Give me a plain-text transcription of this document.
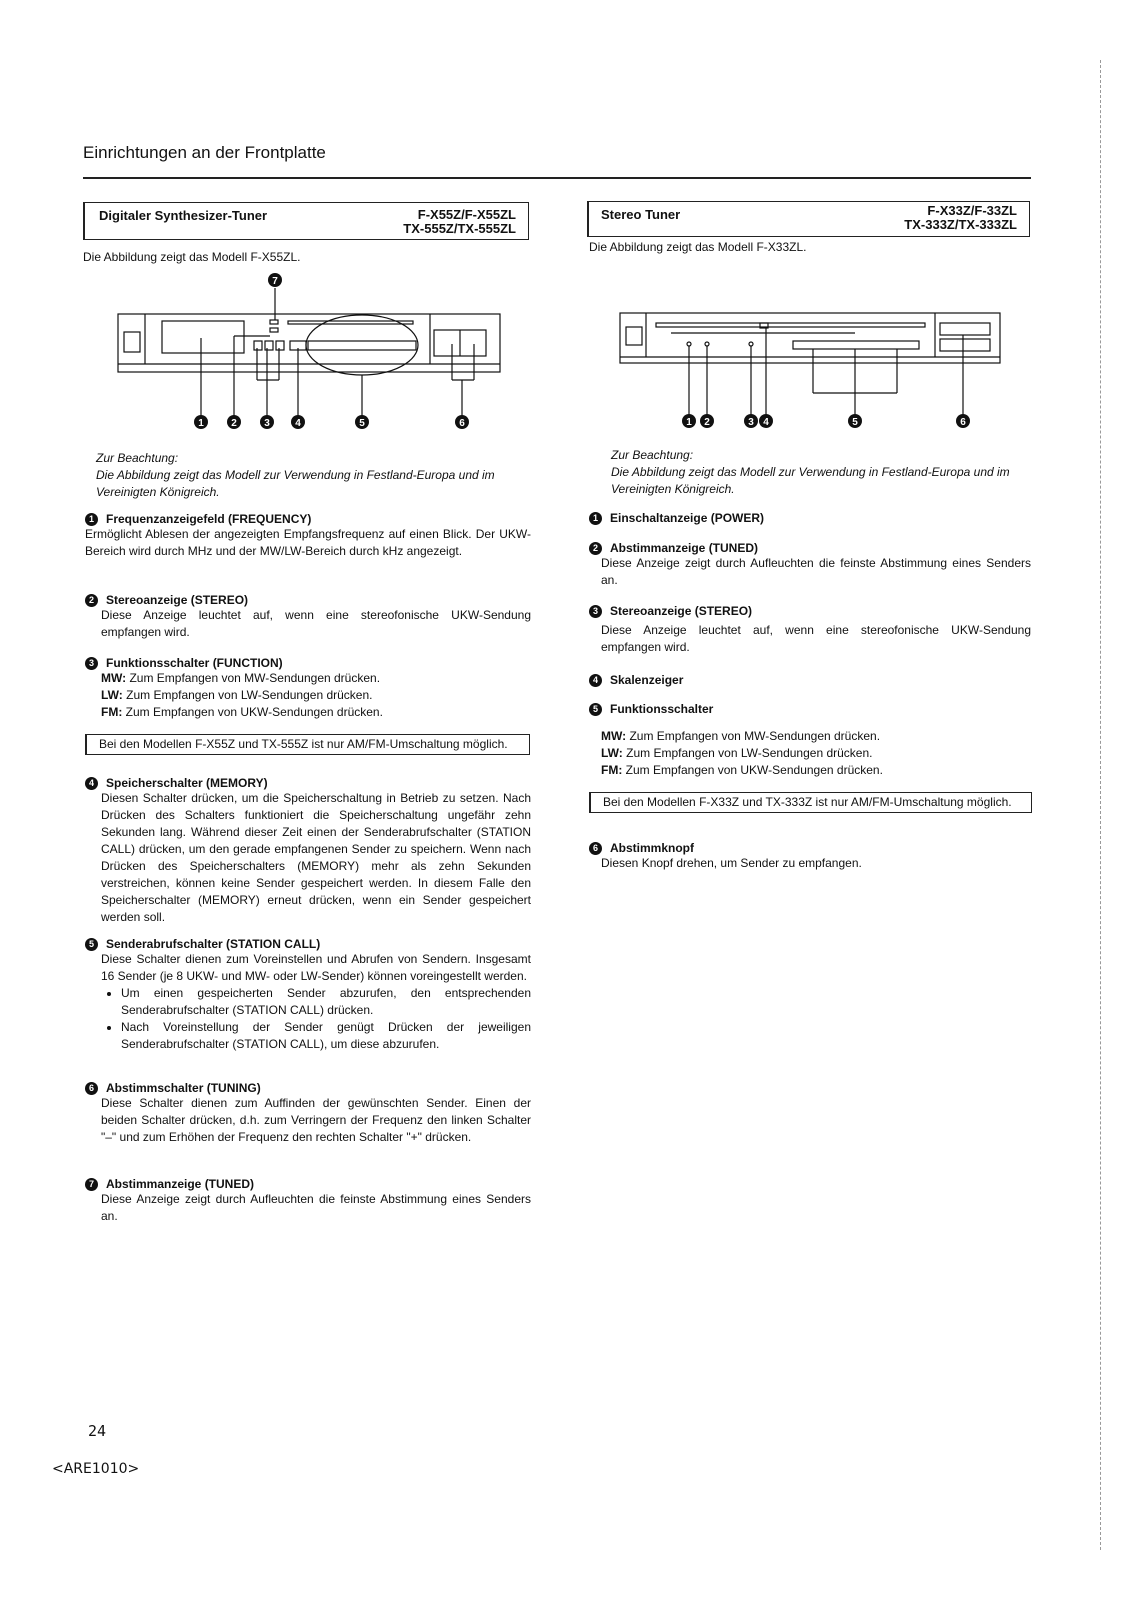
Einrichtungen an der Frontplatte
Digitaler Synthesizer-Tuner	F-X55Z/F-X55ZL
TX-555Z/TX-555ZL
Die Abbildung zeigt das Modell F-X55ZL.
1	2	3	4	5	6
7
Zur Beachtung:
Die Abbildung zeigt das Modell zur Verwendung in Festland-Europa und im Vereinigten Königreich.
1	Frequenzanzeigefeld (FREQUENCY)
Ermöglicht Ablesen der angezeigten Empfangsfrequenz auf einen Blick. Der UKW-Bereich wird durch MHz und der MW/LW-Bereich durch kHz angezeigt.
2	Stereoanzeige (STEREO)
Diese Anzeige leuchtet auf, wenn eine stereofonische UKW-Sendung empfangen wird.
3	Funktionsschalter (FUNCTION)
MW: Zum Empfangen von MW-Sendungen drücken.
LW: Zum Empfangen von LW-Sendungen drücken.
FM: Zum Empfangen von UKW-Sendungen drücken.
Bei den Modellen F-X55Z und TX-555Z ist nur AM/FM-Umschaltung möglich.
4	Speicherschalter (MEMORY)
Diesen Schalter drücken, um die Speicherschaltung in Betrieb zu setzen. Nach Drücken des Schalters funktioniert die Speicherschaltung ungefähr zehn Sekunden lang. Während dieser Zeit einen der Senderabrufschalter (STATION CALL) drücken, um den gerade empfangenen Sender zu speichern. Wenn nach Drücken des Speicherschalters (MEMORY) mehr als zehn Sekunden verstreichen, können keine Sender gespeichert werden. In diesem Falle den Speicherschalter (MEMORY) erneut drücken, wenn ein Sender gespeichert werden soll.
5	Senderabrufschalter (STATION CALL)
Diese Schalter dienen zum Voreinstellen und Abrufen von Sendern. Insgesamt 16 Sender (je 8 UKW- und MW- oder LW-Sender) können voreingestellt werden.
• Um einen gespeicherten Sender abzurufen, den entsprechenden Senderabrufschalter (STATION CALL) drücken.
• Nach Voreinstellung der Sender genügt Drücken der jeweiligen Senderabrufschalter (STATION CALL), um diese abzurufen.
6	Abstimmschalter (TUNING)
Diese Schalter dienen zum Auffinden der gewünschten Sender. Einen der beiden Schalter drücken, d.h. zum Verringern der Frequenz den linken Schalter "–" und zum Erhöhen der Frequenz den rechten Schalter "+" drücken.
7	Abstimmanzeige (TUNED)
Diese Anzeige zeigt durch Aufleuchten die feinste Abstimmung eines Senders an.
Stereo Tuner	F-X33Z/F-33ZL
TX-333Z/TX-333ZL
Die Abbildung zeigt das Modell F-X33ZL.
1 2	3 4	5	6
Zur Beachtung:
Die Abbildung zeigt das Modell zur Verwendung in Festland-Europa und im Vereinigten Königreich.
1	Einschaltanzeige (POWER)
2	Abstimmanzeige (TUNED)
Diese Anzeige zeigt durch Aufleuchten die feinste Abstimmung eines Senders an.
3	Stereoanzeige (STEREO)
Diese Anzeige leuchtet auf, wenn eine stereofonische UKW-Sendung empfangen wird.
4	Skalenzeiger
5	Funktionsschalter
MW: Zum Empfangen von MW-Sendungen drücken.
LW: Zum Empfangen von LW-Sendungen drücken.
FM: Zum Empfangen von UKW-Sendungen drücken.
Bei den Modellen F-X33Z und TX-333Z ist nur AM/FM-Umschaltung möglich.
6	Abstimmknopf
Diesen Knopf drehen, um Sender zu empfangen.
24
<ARE1010>
